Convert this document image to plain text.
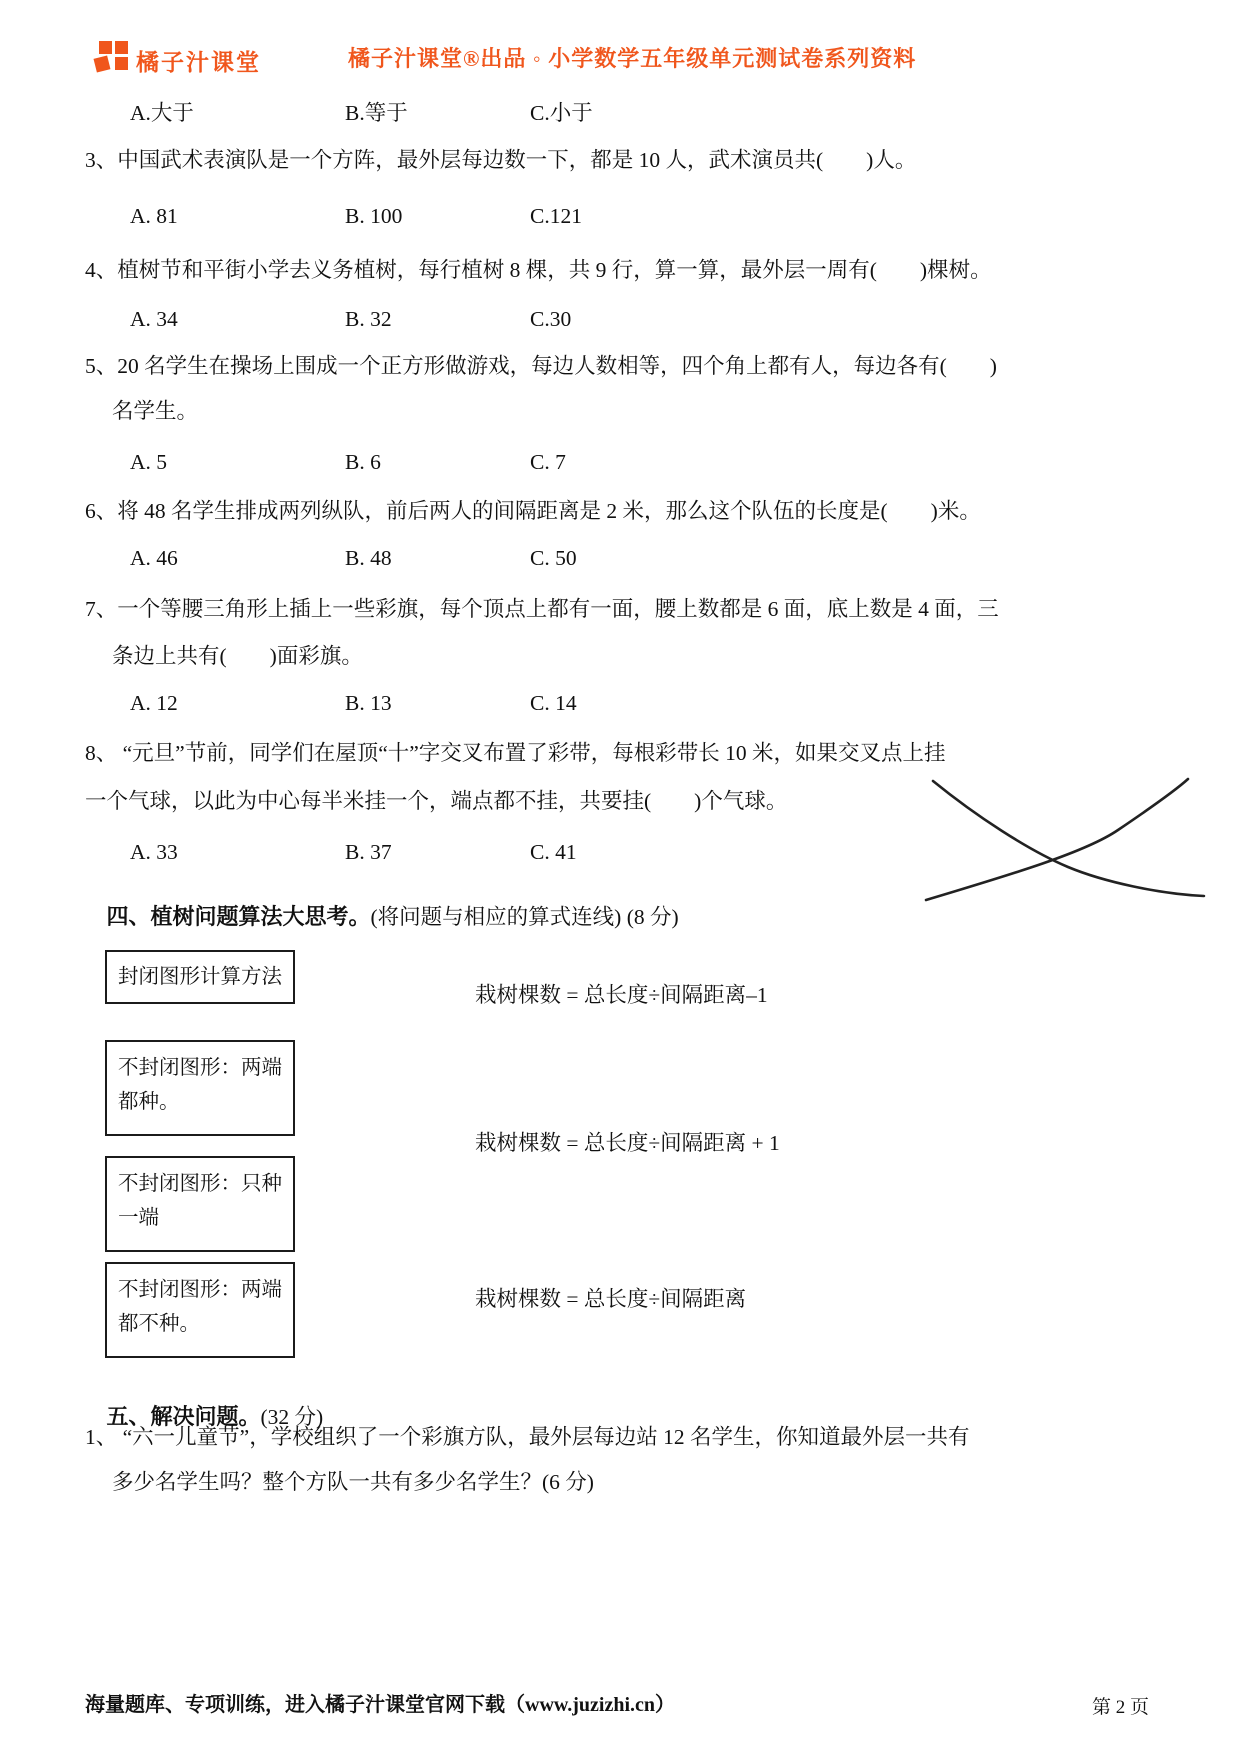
橘子汁课堂	橘子汁课堂®出品 ◦ 小学数学五年级单元测试卷系列资料
A.大于	B.等于	C.小于
3、中国武术表演队是一个方阵，最外层每边数一下，都是 10 人，武术演员共(　　)人。
A. 81	B. 100	C.121
4、植树节和平街小学去义务植树，每行植树 8 棵，共 9 行，算一算，最外层一周有(　　)棵树。
A. 34	B. 32	C.30
5、20 名学生在操场上围成一个正方形做游戏，每边人数相等，四个角上都有人，每边各有(　　)
名学生。
A. 5	B. 6	C. 7
6、将 48 名学生排成两列纵队，前后两人的间隔距离是 2 米，那么这个队伍的长度是(　　)米。
A. 46	B. 48	C. 50
7、一个等腰三角形上插上一些彩旗，每个顶点上都有一面，腰上数都是 6 面，底上数是 4 面，三
条边上共有(　　)面彩旗。
A. 12	B. 13	C. 14
8、 “元旦”节前，同学们在屋顶“十”字交叉布置了彩带，每根彩带长 10 米，如果交叉点上挂
一个气球，以此为中心每半米挂一个，端点都不挂，共要挂(　　)个气球。
A. 33	B. 37	C. 41

四、植树问题算法大思考。(将问题与相应的算式连线) (8 分)

封闭图形计算方法
不封闭图形：两端都种。
不封闭图形：只种一端
不封闭图形：两端都不种。
栽树棵数 = 总长度÷间隔距离–1
栽树棵数 = 总长度÷间隔距离 + 1
栽树棵数 = 总长度÷间隔距离

五、解决问题。(32 分)

1、 “六一儿童节”，学校组织了一个彩旗方队，最外层每边站 12 名学生，你知道最外层一共有
多少名学生吗？整个方队一共有多少名学生？(6 分)
海量题库、专项训练，进入橘子汁课堂官网下载（www.juzizhi.cn）	第 2 页
